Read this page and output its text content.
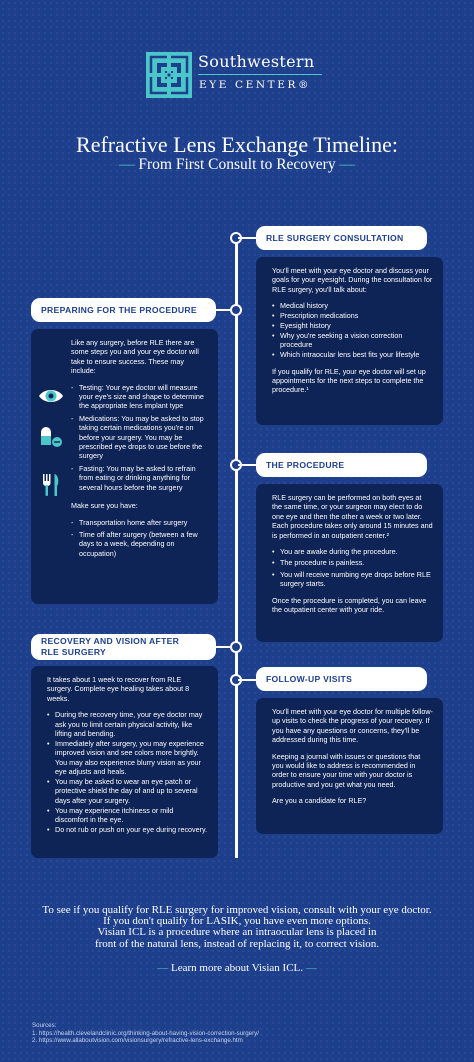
Southwestern
EYE CENTER®
Refractive Lens Exchange Timeline:
— From First Consult to Recovery —
RLE SURGERY CONSULTATION

You'll meet with your eye doctor and discuss your goals for your eyesight. During the consultation for RLE surgery, you'll talk about:

• Medical history
• Prescription medications
• Eyesight history
• Why you're seeking a vision correction procedure
• Which intraocular lens best fits your lifestyle

If you qualify for RLE, your eye doctor will set up appointments for the next steps to complete the procedure.¹

PREPARING FOR THE PROCEDURE

Like any surgery, before RLE there are some steps you and your eye doctor will take to ensure success. These may include:

- Testing: Your eye doctor will measure your eye's size and shape to determine the appropriate lens implant type
- Medications: You may be asked to stop taking certain medications you're on before your surgery. You may be prescribed eye drops to use before the surgery
- Fasting: You may be asked to refrain from eating or drinking anything for several hours before the surgery

Make sure you have:

- Transportation home after surgery
- Time off after surgery (between a few days to a week, depending on occupation)
THE PROCEDURE

RLE surgery can be performed on both eyes at the same time, or your surgeon may elect to do one eye and then the other a week or two later. Each procedure takes only around 15 minutes and is performed in an outpatient center.²

• You are awake during the procedure.
• The procedure is painless.
• You will receive numbing eye drops before RLE surgery starts.

Once the procedure is completed, you can leave the outpatient center with your ride.

RECOVERY AND VISION AFTER
RLE SURGERY

It takes about 1 week to recover from RLE surgery. Complete eye healing takes about 8 weeks.

• During the recovery time, your eye doctor may ask you to limit certain physical activity, like lifting and bending.
• Immediately after surgery, you may experience improved vision and see colors more brightly. You may also experience blurry vision as your eye adjusts and heals.
• You may be asked to wear an eye patch or protective shield the day of and up to several days after your surgery.
• You may experience itchiness or mild discomfort in the eye.
• Do not rub or push on your eye during recovery.
FOLLOW-UP VISITS

You'll meet with your eye doctor for multiple follow-up visits to check the progress of your recovery. If you have any questions or concerns, they'll be addressed during this time.

Keeping a journal with issues or questions that you would like to address is recommended in order to ensure your time with your doctor is productive and you get what you need.

Are you a candidate for RLE?

To see if you qualify for RLE surgery for improved vision, consult with your eye doctor.
If you don't qualify for LASIK, you have even more options.
Visian ICL is a procedure where an intraocular lens is placed in
front of the natural lens, instead of replacing it, to correct vision.
— Learn more about Visian ICL. —
Sources:
1. https://health.clevelandclinic.org/thinking-about-having-vision-correction-surgery/
2. https://www.allaboutvision.com/visionsurgery/refractive-lens-exchange.htm
